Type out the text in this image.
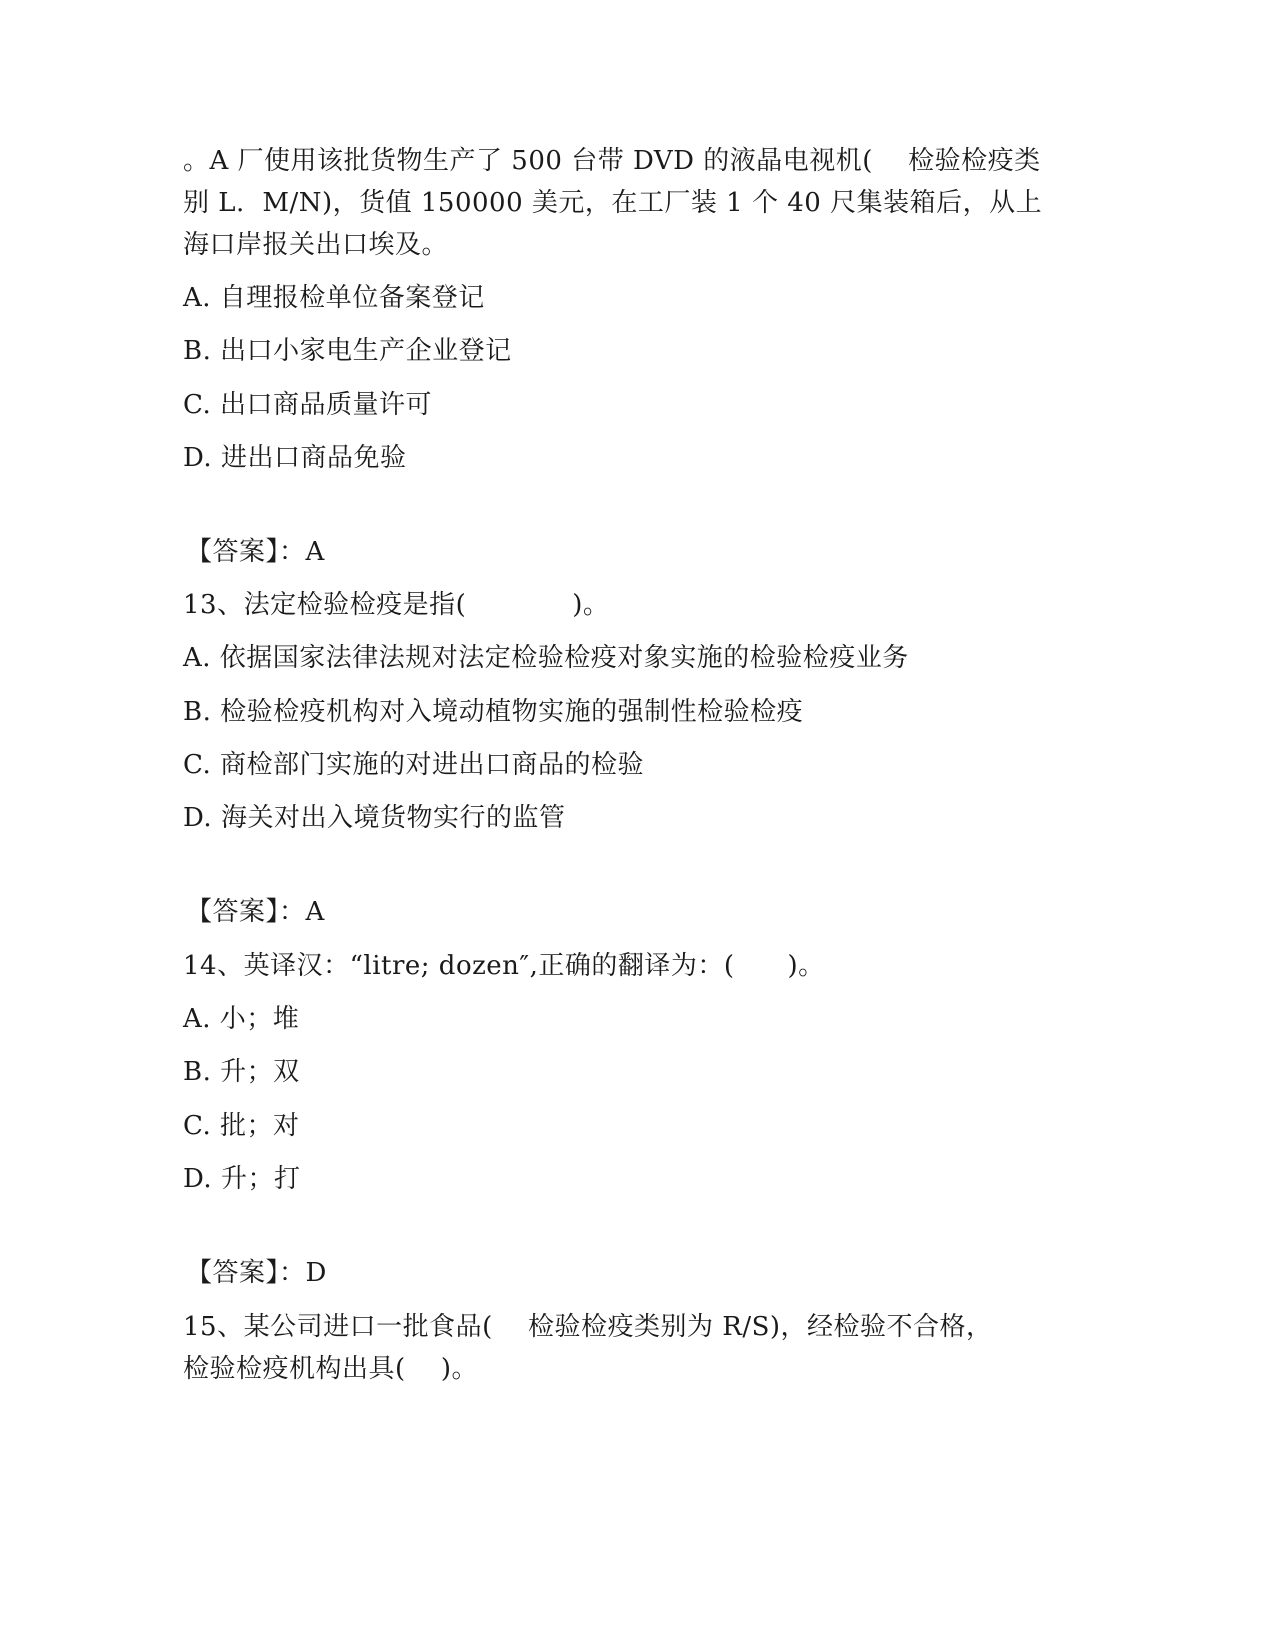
。A 厂使用该批货物生产了 500 台带 DVD 的液晶电视机(　 检验检疫类
别 L.  M/N)，货值 150000 美元，在工厂装 1 个 40 尺集装箱后，从上
海口岸报关出口埃及。
A. 自理报检单位备案登记
B. 出口小家电生产企业登记
C. 出口商品质量许可
D. 进出口商品免验
【答案】：A
13、法定检验检疫是指(　　　　)。
A. 依据国家法律法规对法定检验检疫对象实施的检验检疫业务
B. 检验检疫机构对入境动植物实施的强制性检验检疫
C. 商检部门实施的对进出口商品的检验
D. 海关对出入境货物实行的监管
【答案】：A
14、英译汉：“litre; dozen″,正确的翻译为：(　　)。
A. 小；堆
B. 升；双
C. 批；对
D. 升；打
【答案】：D
15、某公司进口一批食品(　 检验检疫类别为 R/S)，经检验不合格，
检验检疫机构出具(　 )。
